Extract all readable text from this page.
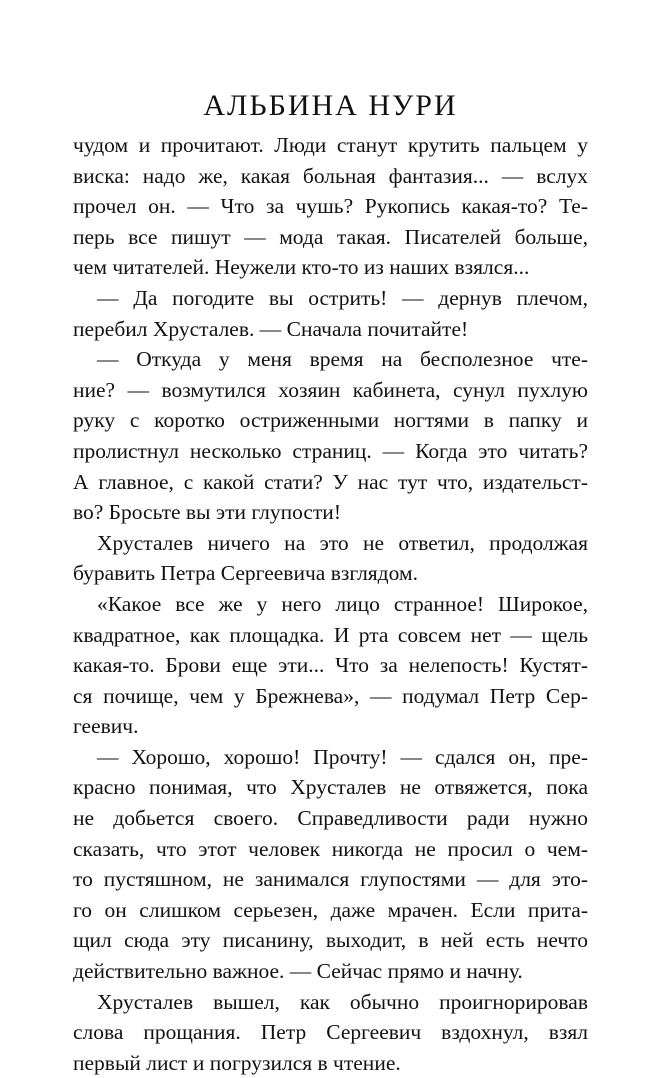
АЛЬБИНА НУРИ
чудом и прочитают. Люди станут крутить пальцем у
виска: надо же, какая больная фантазия... — вслух
прочел он. — Что за чушь? Рукопись какая-то? Те-
перь все пишут — мода такая. Писателей больше,
чем читателей. Неужели кто-то из наших взялся...
— Да погодите вы острить! — дернув плечом,
перебил Хрусталев. — Сначала почитайте!
— Откуда у меня время на бесполезное чте-
ние? — возмутился хозяин кабинета, сунул пухлую
руку с коротко остриженными ногтями в папку и
пролистнул несколько страниц. — Когда это читать?
А главное, с какой стати? У нас тут что, издательст-
во? Бросьте вы эти глупости!
Хрусталев ничего на это не ответил, продолжая
буравить Петра Сергеевича взглядом.
«Какое все же у него лицо странное! Широкое,
квадратное, как площадка. И рта совсем нет — щель
какая-то. Брови еще эти... Что за нелепость! Кустят-
ся почище, чем у Брежнева», — подумал Петр Сер-
геевич.
— Хорошо, хорошо! Прочту! — сдался он, пре-
красно понимая, что Хрусталев не отвяжется, пока
не добьется своего. Справедливости ради нужно
сказать, что этот человек никогда не просил о чем-
то пустяшном, не занимался глупостями — для это-
го он слишком серьезен, даже мрачен. Если прита-
щил сюда эту писанину, выходит, в ней есть нечто
действительно важное. — Сейчас прямо и начну.
Хрусталев вышел, как обычно проигнорировав
слова прощания. Петр Сергеевич вздохнул, взял
первый лист и погрузился в чтение.
